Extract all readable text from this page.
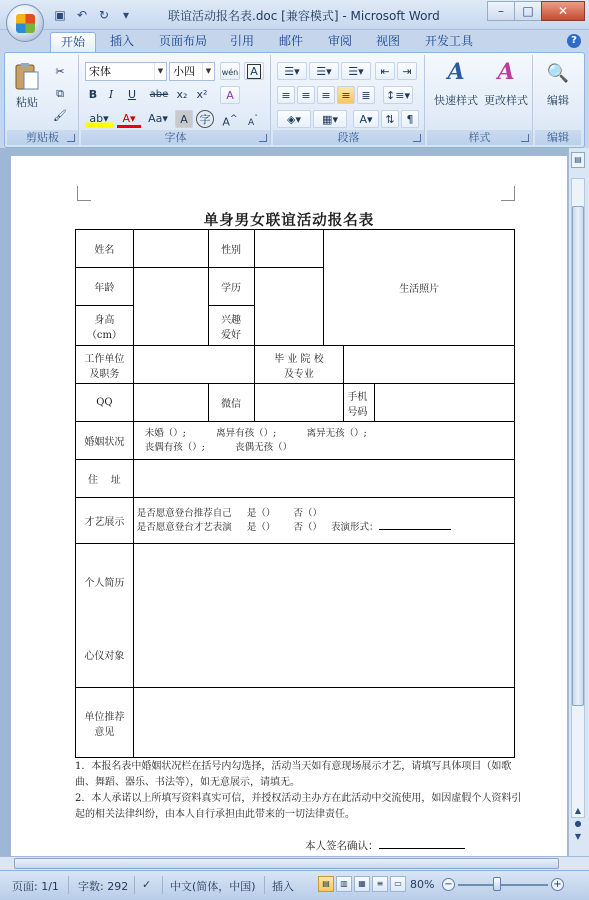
▣ ↶ ↻	▾	联谊活动报名表.doc [兼容模式] - Microsoft Word	–	□	✕
开始	插入	页面布局	引用	邮件	审阅	视图	开发工具	?
粘贴
✂
⧉
🖌
剪贴板
宋体	▼ 小四	▼	wén	A
B	I	U	abe x₂ x²	A
ab▾	A▾	Aa▾	A	字	A^	$A^ˇ$
字体
☰▾	☰▾	☰▾	⇤	⇥
≡ ≡ ≡ ≡ ≣	↕≡▾
◈▾	▦▾	A▾	⇅	¶
段落
A
快速样式
A
更改样式
样式
🔍
编辑
编辑
▤
▲
●
▼
单身男女联谊活动报名表
姓名		性别		生活照片		
年龄		学历				
身高
（cm）		兴趣
爱好				
工作单位
及职务			毕 业 院 校
及专业			
QQ		微信			手机
号码	
婚姻状况	未婚（）;          离异有孩（）;          离异无孩（）;
丧偶有孩（）;          丧偶无孩（）					

住    址						
才艺展示	是否愿意登台推荐自己     是（）      否（）
是否愿意登台才艺表演     是（）      否（）   表演形式：					

个人简历
心仪对象						

单位推荐
意见						

1．本报名表中婚姻状况栏在括号内勾选择，活动当天如有意现场展示才艺，请填写具体项目（如歌曲、舞蹈、器乐、书法等），如无意展示，请填无。

2．本人承诺以上所填写资料真实可信，并授权活动主办方在此活动中交流使用，如因虚假个人资料引起的相关法律纠纷，由本人自行承担由此带来的一切法律责任。

本人签名确认：
页面: 1/1 字数: 292 ✓ 中文(简体，中国) 插入	▤	▥	▦	≡	▭ 80% −	+
